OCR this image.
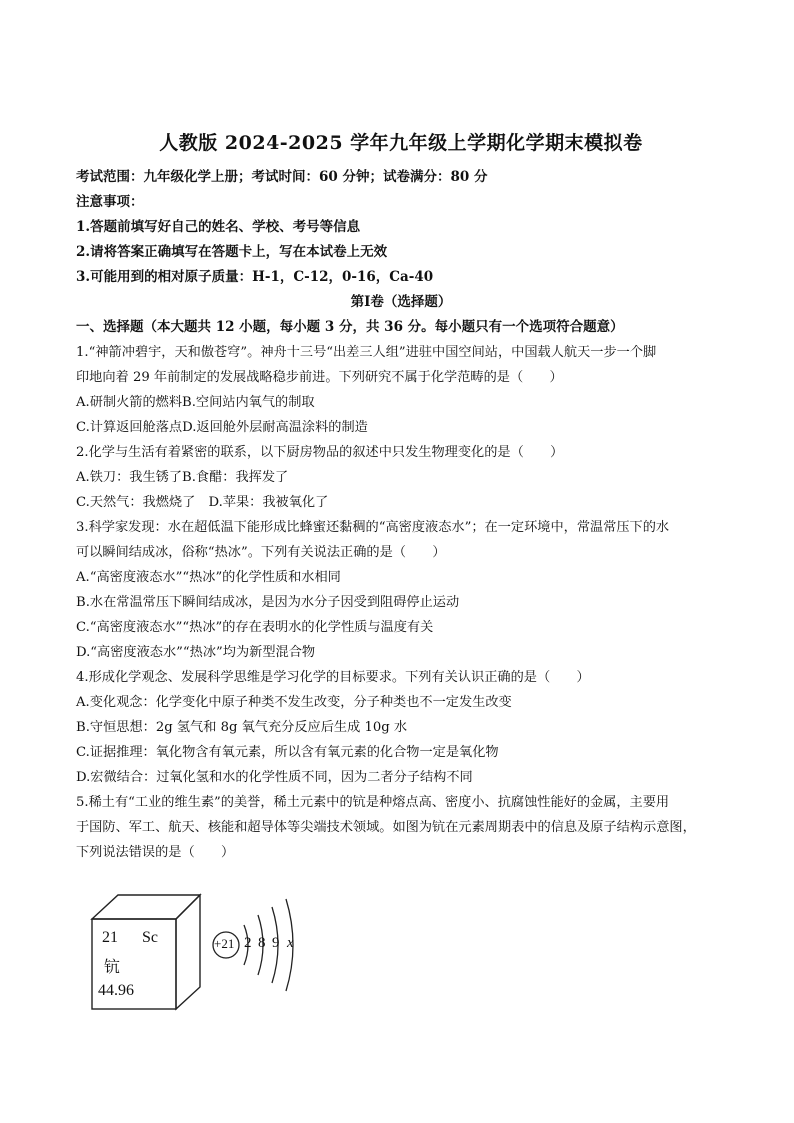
人教版 2024-2025 学年九年级上学期化学期末模拟卷
考试范围：九年级化学上册；考试时间：60 分钟；试卷满分：80 分
注意事项：
1.答题前填写好自己的姓名、学校、考号等信息
2.请将答案正确填写在答题卡上，写在本试卷上无效
3.可能用到的相对原子质量：H-1，C-12，0-16，Ca-40
第Ⅰ卷（选择题）
一、选择题（本大题共 12 小题，每小题 3 分，共 36 分。每小题只有一个选项符合题意）
1.“神箭冲碧宇，天和傲苍穹”。神舟十三号“出差三人组”进驻中国空间站，中国载人航天一步一个脚
印地向着 29 年前制定的发展战略稳步前进。下列研究不属于化学范畴的是（　　）
A.研制火箭的燃料B.空间站内氧气的制取
C.计算返回舱落点D.返回舱外层耐高温涂料的制造
2.化学与生活有着紧密的联系，以下厨房物品的叙述中只发生物理变化的是（　　）
A.铁刀：我生锈了B.食醋：我挥发了
C.天然气：我燃烧了　D.苹果：我被氧化了
3.科学家发现：水在超低温下能形成比蜂蜜还黏稠的“高密度液态水”；在一定环境中，常温常压下的水
可以瞬间结成冰，俗称“热冰”。下列有关说法正确的是（　　）
A.“高密度液态水”“热冰”的化学性质和水相同
B.水在常温常压下瞬间结成冰，是因为水分子因受到阻碍停止运动
C.“高密度液态水”“热冰”的存在表明水的化学性质与温度有关
D.“高密度液态水”“热冰”均为新型混合物
4.形成化学观念、发展科学思维是学习化学的目标要求。下列有关认识正确的是（　　）
A.变化观念：化学变化中原子种类不发生改变，分子种类也不一定发生改变
B.守恒思想：2g 氢气和 8g 氧气充分反应后生成 10g 水
C.证据推理：氧化物含有氧元素，所以含有氧元素的化合物一定是氧化物
D.宏微结合：过氧化氢和水的化学性质不同，因为二者分子结构不同
5.稀土有“工业的维生素”的美誉，稀土元素中的钪是种熔点高、密度小、抗腐蚀性能好的金属，主要用
于国防、军工、航天、核能和超导体等尖端技术领域。如图为钪在元素周期表中的信息及原子结构示意图，
下列说法错误的是（　　）
21 Sc
钪
44.96
+21 2 8 9 x
